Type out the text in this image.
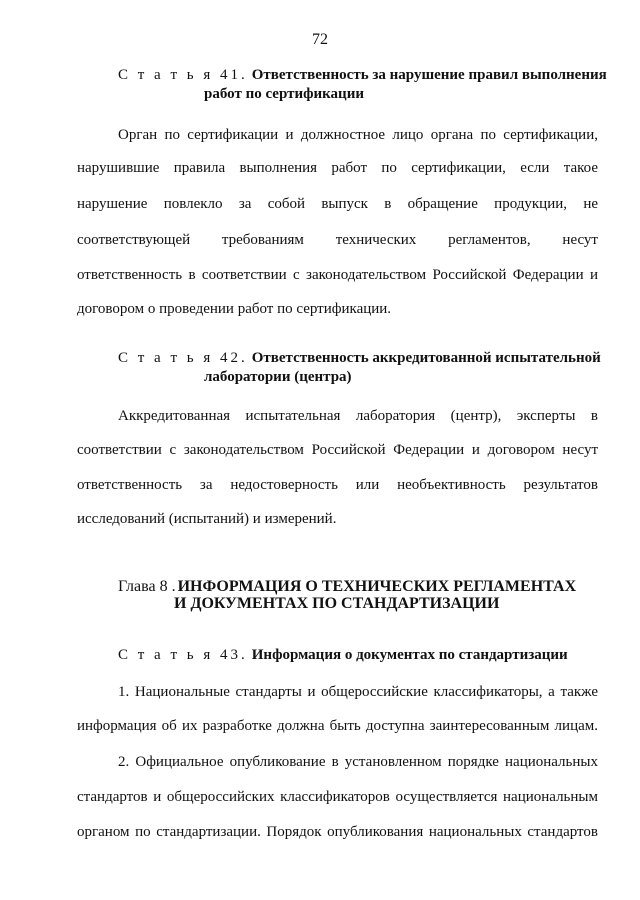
72
С т а т ь я 41. Ответственность за нарушение правил выполнения
работ по сертификации
Орган по сертификации и должностное лицо органа по сертификации,
нарушившие правила выполнения работ по сертификации, если такое
нарушение повлекло за собой выпуск в обращение продукции, не
соответствующей требованиям технических регламентов, несут
ответственность в соответствии с законодательством Российской Федерации и
договором о проведении работ по сертификации.
С т а т ь я 42. Ответственность аккредитованной испытательной
лаборатории (центра)
Аккредитованная испытательная лаборатория (центр), эксперты в
соответствии с законодательством Российской Федерации и договором несут
ответственность за недостоверность или необъективность результатов
исследований (испытаний) и измерений.
Глава 8 . ИНФОРМАЦИЯ О ТЕХНИЧЕСКИХ РЕГЛАМЕНТАХ
И ДОКУМЕНТАХ ПО СТАНДАРТИЗАЦИИ
С т а т ь я 43. Информация о документах по стандартизации
1. Национальные стандарты и общероссийские классификаторы, а также
информация об их разработке должна быть доступна заинтересованным лицам.
2. Официальное опубликование в установленном порядке национальных
стандартов и общероссийских классификаторов осуществляется национальным
органом по стандартизации. Порядок опубликования национальных стандартов
